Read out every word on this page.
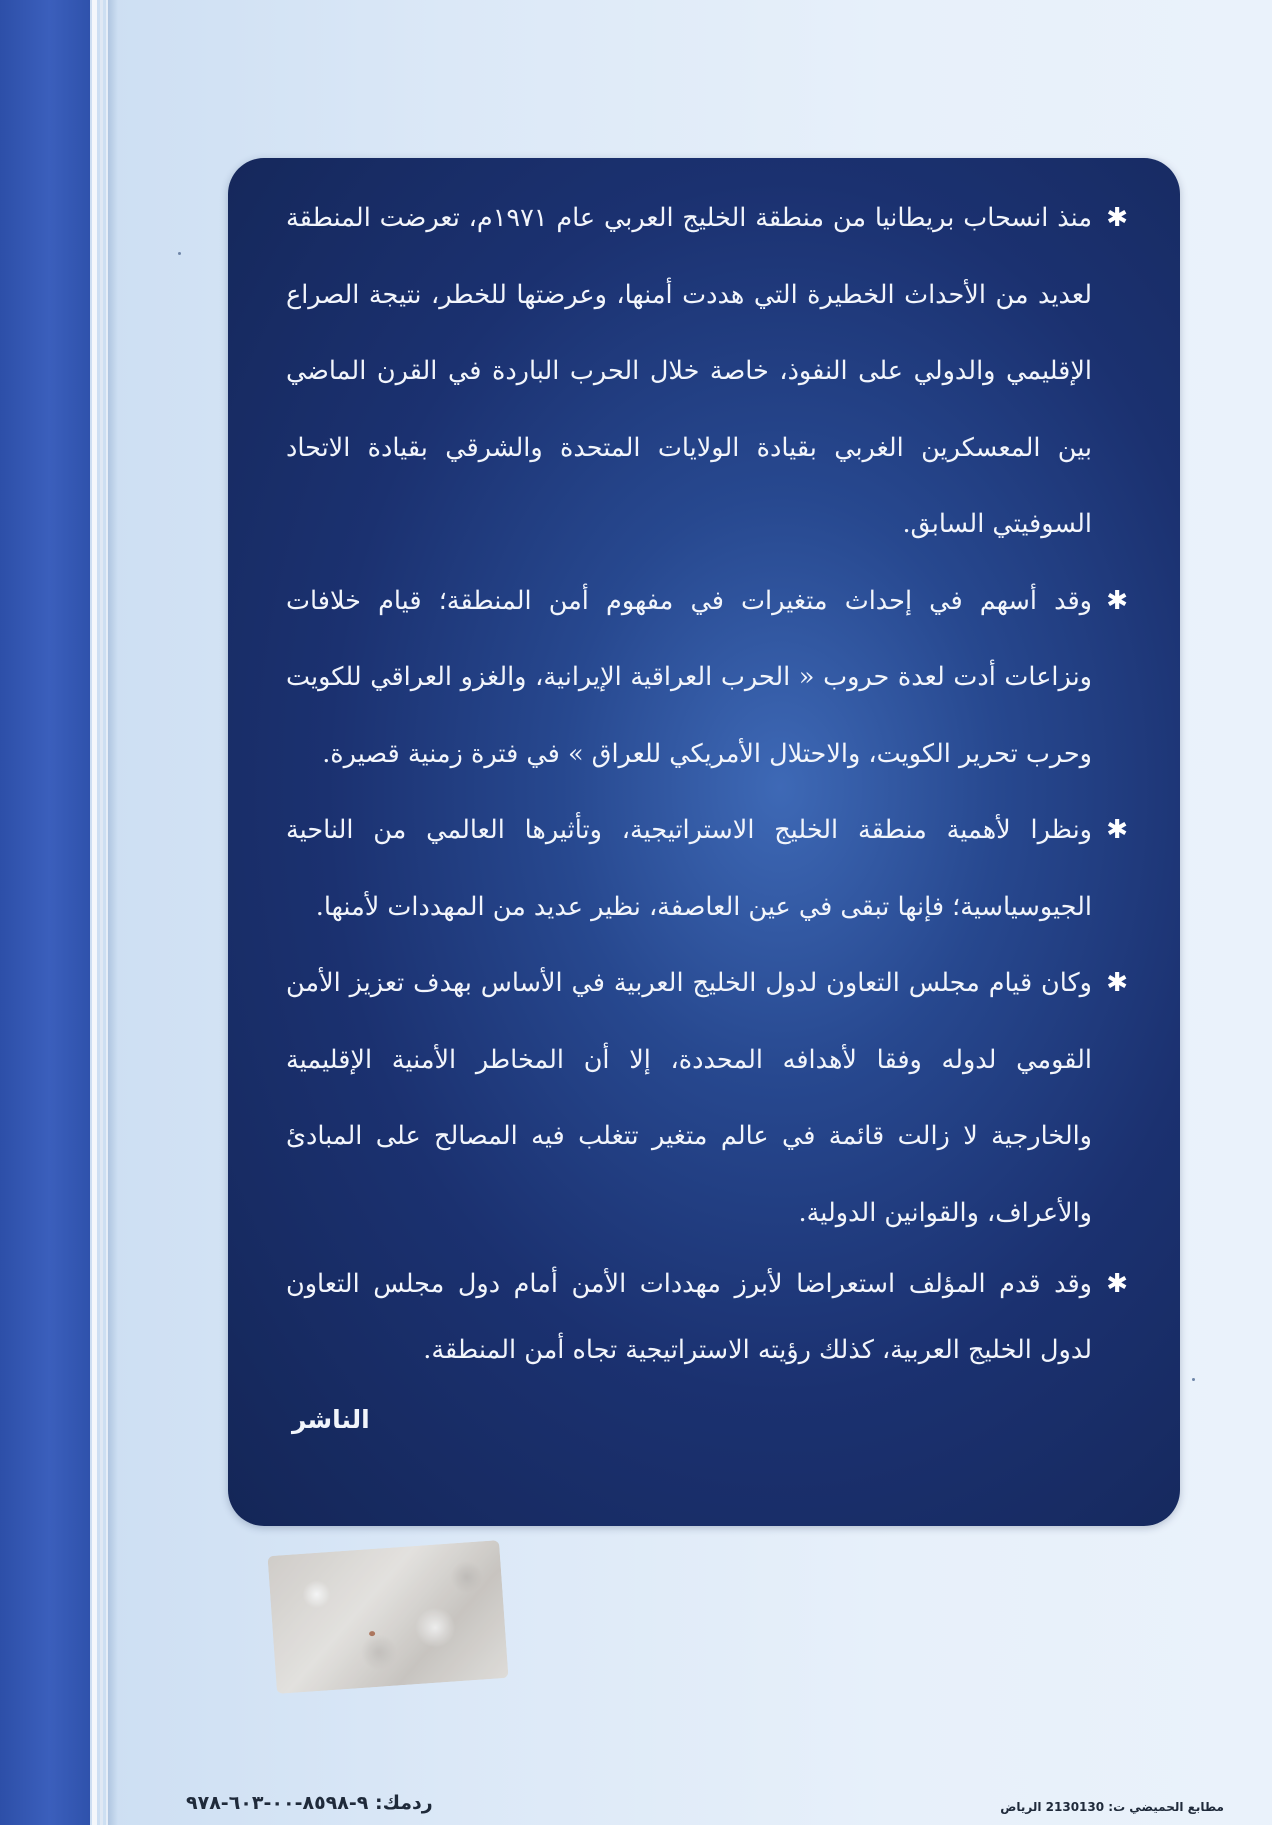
✱
منذ انسحاب بريطانيا من منطقة الخليج العربي عام ١٩٧١م، تعرضت المنطقة لعديد من الأحداث الخطيرة التي هددت أمنها، وعرضتها للخطر، نتيجة الصراع الإقليمي والدولي على النفوذ، خاصة خلال الحرب الباردة في القرن الماضي بين المعسكرين الغربي بقيادة الولايات المتحدة والشرقي بقيادة الاتحاد السوفيتي السابق.
✱
وقد أسهم في إحداث متغيرات في مفهوم أمن المنطقة؛ قيام خلافات ونزاعات أدت لعدة حروب « الحرب العراقية الإيرانية، والغزو العراقي للكويت وحرب تحرير الكويت، والاحتلال الأمريكي للعراق » في فترة زمنية قصيرة.
✱
ونظرا لأهمية منطقة الخليج الاستراتيجية، وتأثيرها العالمي من الناحية الجيوسياسية؛ فإنها تبقى في عين العاصفة، نظير عديد من المهددات لأمنها.
✱
وكان قيام مجلس التعاون لدول الخليج العربية في الأساس بهدف تعزيز الأمن القومي لدوله وفقا لأهدافه المحددة، إلا أن المخاطر الأمنية الإقليمية والخارجية لا زالت قائمة في عالم متغير تتغلب فيه المصالح على المبادئ والأعراف، والقوانين الدولية.
✱
وقد قدم المؤلف استعراضا لأبرز مهددات الأمن أمام دول مجلس التعاون لدول الخليج العربية، كذلك رؤيته الاستراتيجية تجاه أمن المنطقة.
الناشر
ردمك: ٩-٨٥٩٨-٠٠-٦٠٣-٩٧٨	مطابع الحميضي ت: 2130130 الرياض
